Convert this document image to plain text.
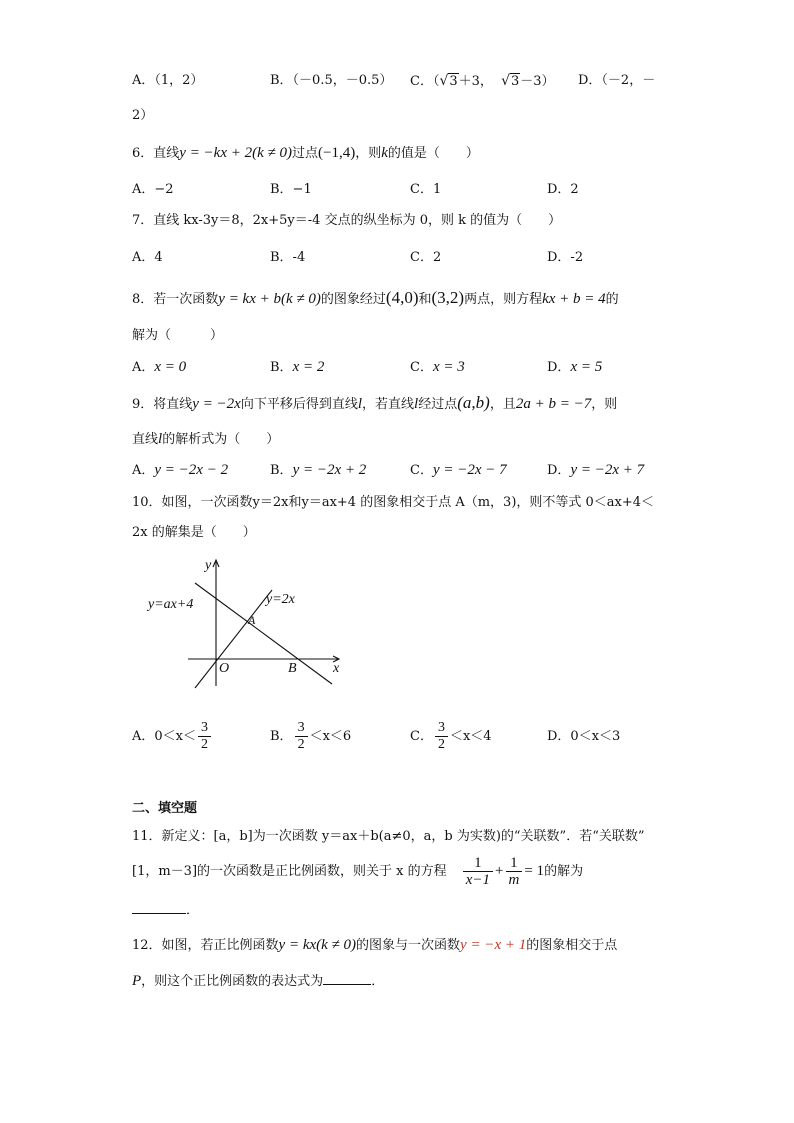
A．（1，2）	B．（－0.5，－0.5） C．（√3＋3， √3－3） D．（－2，－
2）
6．直线y = −kx + 2(k ≠ 0)过点(−1,4)，则k的值是（　　）
A．−2	B．−1	C．1	D．2
7．直线 kx-3y＝8，2x+5y＝-4 交点的纵坐标为 0，则 k 的值为（　　）
A．4	B．-4	C．2	D．-2
8．若一次函数y = kx + b(k ≠ 0)的图象经过(4,0)和(3,2)两点，则方程kx + b = 4的
解为（　　　）
A．x = 0	B．x = 2	C．x = 3	D．x = 5
9．将直线y = −2x向下平移后得到直线l，若直线l经过点(a,b)，且2a + b = −7，则
直线l的解析式为（　　）
A．y = −2x − 2	B．y = −2x + 2	C．y = −2x − 7	D．y = −2x + 7
10．如图，一次函数y＝2x和y＝ax+4 的图象相交于点 A（m，3)，则不等式 0＜ax+4＜
2x 的解集是（　　）
y
x
O
A
B
y=ax+4	y=2x
A．$0<x< \frac{3}{2}$	B． $\frac{3}{2} <x<6$	C． $\frac{3}{2} <x<4$	D．0＜x＜3
二、填空题
11．新定义：[a，b]为一次函数 y＝ax＋b(a≠0，a，b 为实数)的“关联数”．若“关联数”
[1，m－3]的一次函数是正比例函数，则关于 x 的方程 $\frac{1}{x-1} + \frac{1}{m} = 1$的解为
．
12．如图，若正比例函数y = kx(k ≠ 0)的图象与一次函数y = −x + 1的图象相交于点
P，则这个正比例函数的表达式为	．
